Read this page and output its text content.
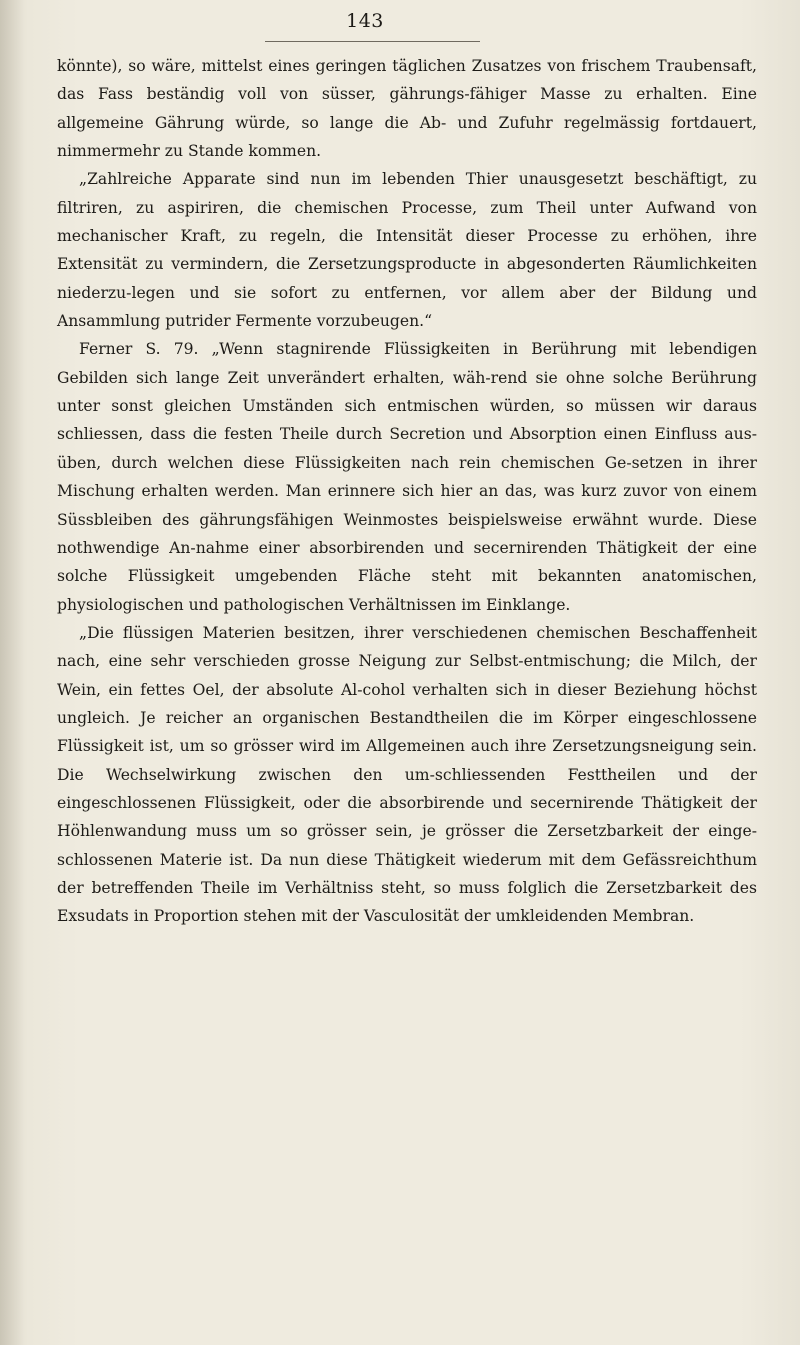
143

könnte), so wäre, mittelst eines geringen täglichen Zusatzes von frischem Traubensaft, das Fass beständig voll von süsser, gährungs-fähiger Masse zu erhalten. Eine allgemeine Gährung würde, so lange die Ab- und Zufuhr regelmässig fortdauert, nimmermehr zu Stande kommen.

„Zahlreiche Apparate sind nun im lebenden Thier unausgesetzt beschäftigt, zu filtriren, zu aspiriren, die chemischen Processe, zum Theil unter Aufwand von mechanischer Kraft, zu regeln, die Intensität dieser Processe zu erhöhen, ihre Extensität zu vermindern, die Zersetzungsproducte in abgesonderten Räumlichkeiten niederzu-legen und sie sofort zu entfernen, vor allem aber der Bildung und Ansammlung putrider Fermente vorzubeugen.“

Ferner S. 79. „Wenn stagnirende Flüssigkeiten in Berührung mit lebendigen Gebilden sich lange Zeit unverändert erhalten, wäh-rend sie ohne solche Berührung unter sonst gleichen Umständen sich entmischen würden, so müssen wir daraus schliessen, dass die festen Theile durch Secretion und Absorption einen Einfluss aus-üben, durch welchen diese Flüssigkeiten nach rein chemischen Ge-setzen in ihrer Mischung erhalten werden. Man erinnere sich hier an das, was kurz zuvor von einem Süssbleiben des gährungsfähigen Weinmostes beispielsweise erwähnt wurde. Diese nothwendige An-nahme einer absorbirenden und secernirenden Thätigkeit der eine solche Flüssigkeit umgebenden Fläche steht mit bekannten anatomischen, physiologischen und pathologischen Verhältnissen im Einklange.

„Die flüssigen Materien besitzen, ihrer verschiedenen chemischen Beschaffenheit nach, eine sehr verschieden grosse Neigung zur Selbst-entmischung; die Milch, der Wein, ein fettes Oel, der absolute Al-cohol verhalten sich in dieser Beziehung höchst ungleich. Je reicher an organischen Bestandtheilen die im Körper eingeschlossene Flüssigkeit ist, um so grösser wird im Allgemeinen auch ihre Zersetzungsneigung sein. Die Wechselwirkung zwischen den um-schliessenden Festtheilen und der eingeschlossenen Flüssigkeit, oder die absorbirende und secernirende Thätigkeit der Höhlenwandung muss um so grösser sein, je grösser die Zersetzbarkeit der einge-schlossenen Materie ist. Da nun diese Thätigkeit wiederum mit dem Gefässreichthum der betreffenden Theile im Verhältniss steht, so muss folglich die Zersetzbarkeit des Exsudats in Proportion stehen mit der Vasculosität der umkleidenden Membran.
